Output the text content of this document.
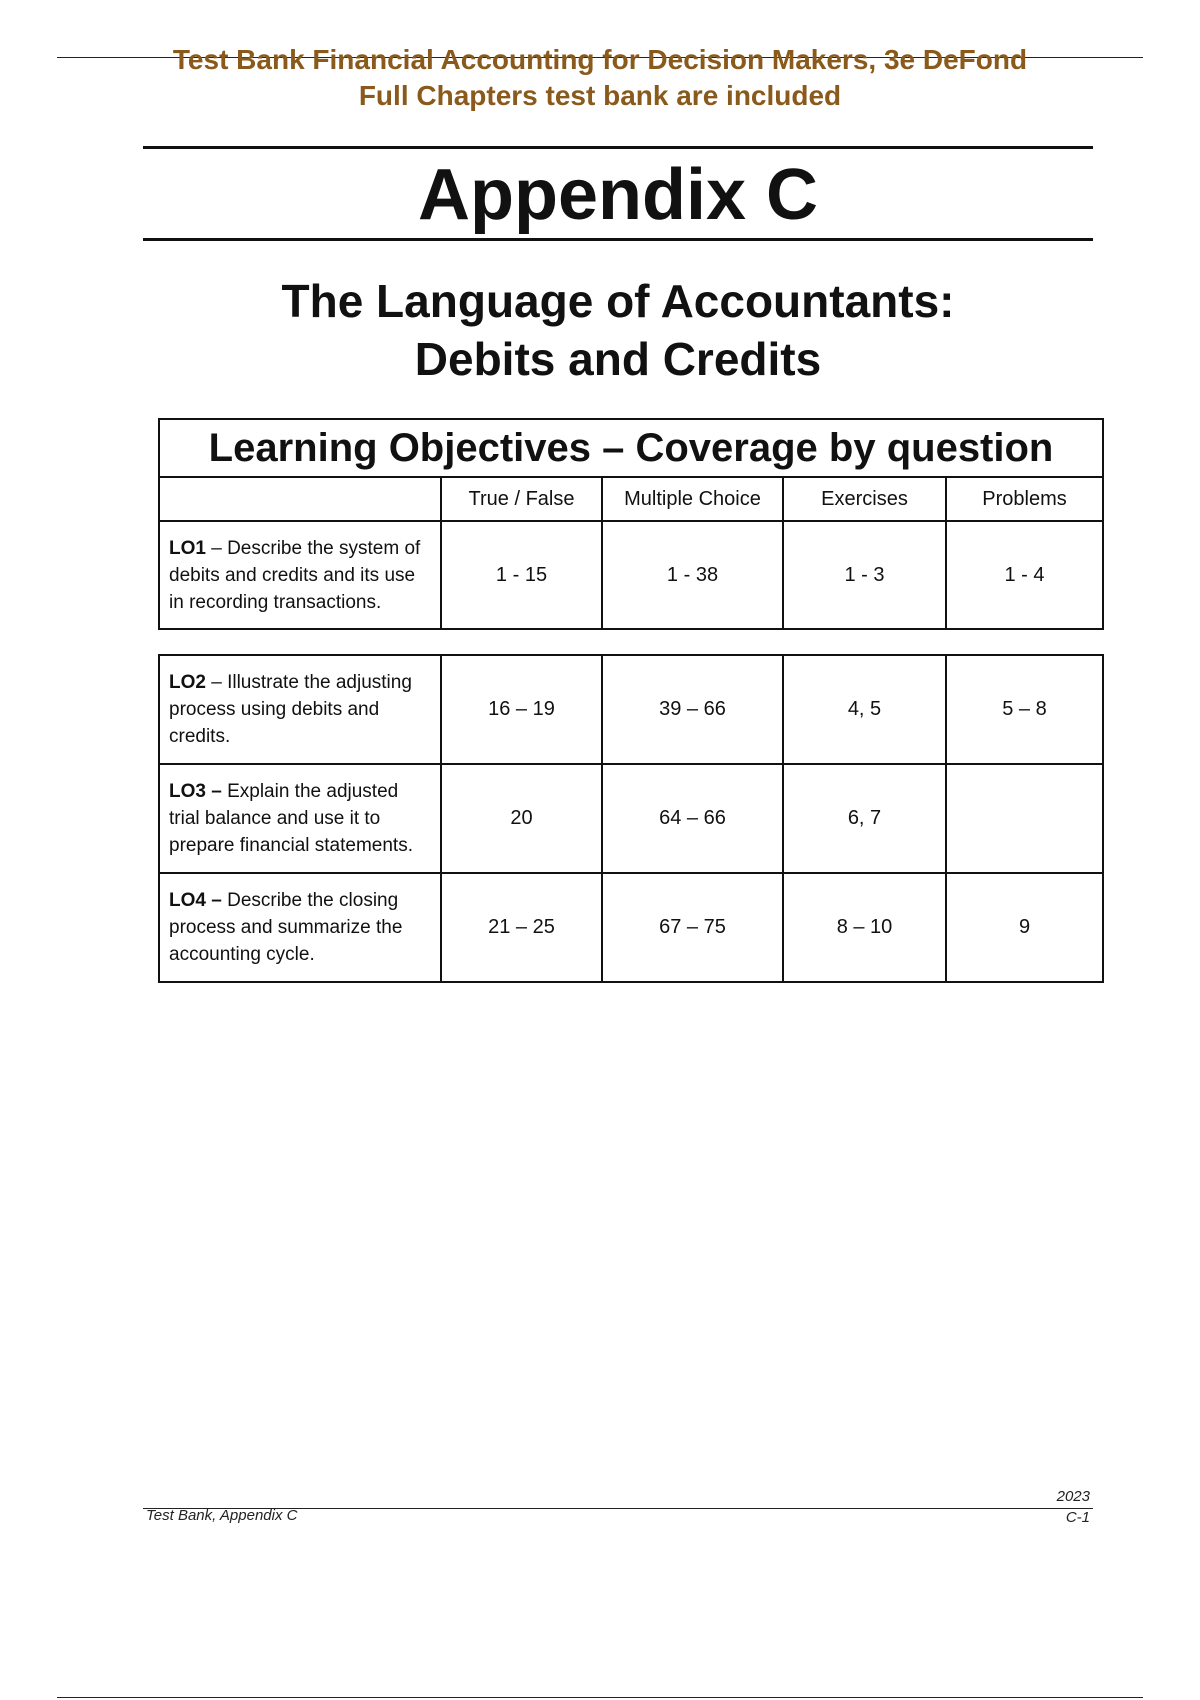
Test Bank Financial Accounting for Decision Makers, 3e DeFond
Full Chapters test bank are included
Appendix C
The Language of Accountants:
Debits and Credits
Learning Objectives – Coverage by question				
	True / False	Multiple Choice	Exercises	Problems
LO1 – Describe the system of debits and credits and its use in recording transactions.	1 - 15	1 - 38	1 - 3	1 - 4
LO2 – Illustrate the adjusting process using debits and credits.	16 – 19	39 – 66	4, 5	5 – 8
LO3 – Explain the adjusted trial balance and use it to prepare financial statements.	20	64 – 66	6, 7	
LO4 – Describe the closing process and summarize the accounting cycle.	21 – 25	67 – 75	8 – 10	9
2023
Test Bank, Appendix C	C-1
